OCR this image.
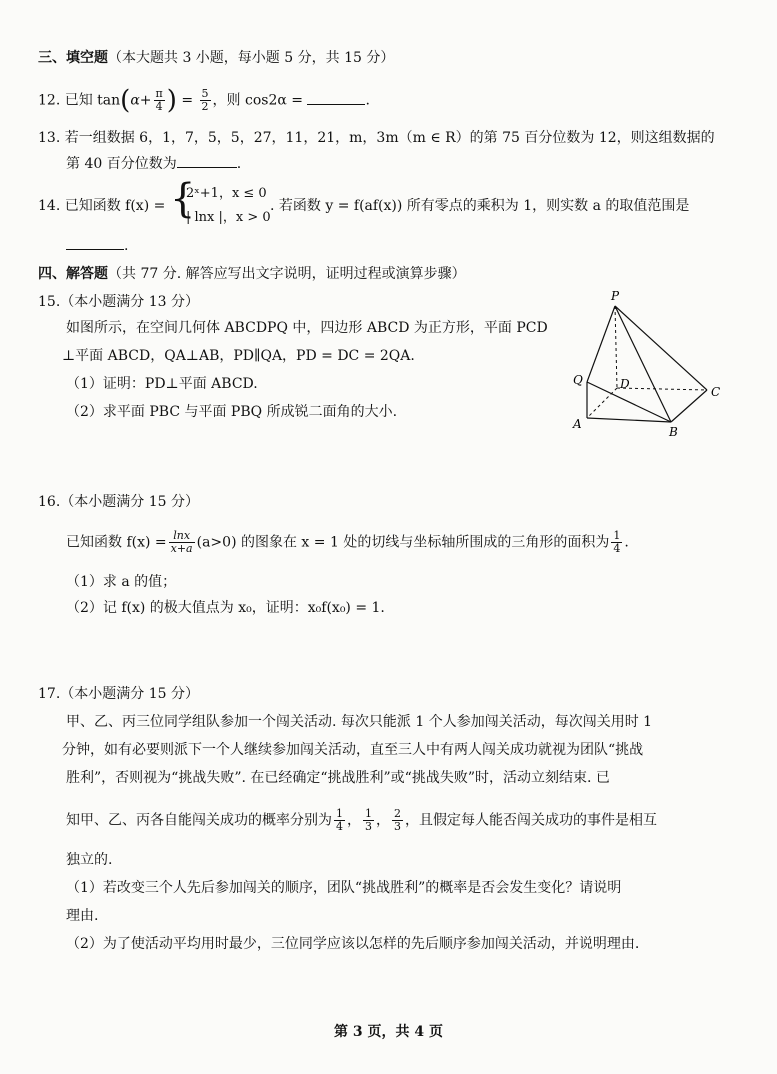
三、填空题（本大题共 3 小题，每小题 5 分，共 15 分）
12. 已知 $\tan(\alpha+ \frac{\pi}{4}$ ) = $\frac{5}{2}$ ，则 cos2α =	.
13. 若一组数据 6，1，7，5，5，27，11，21，m，3m（m ∈ R）的第 75 百分位数为 12，则这组数据的
第 40 百分位数为	.
14. 已知函数 f(x) = {
2ˣ+1，x ≤ 0
| lnx |，x > 0
. 若函数 y = f(af(x)) 所有零点的乘积为 1，则实数 a 的取值范围是
.
四、解答题（共 77 分. 解答应写出文字说明，证明过程或演算步骤）
15.（本小题满分 13 分）
如图所示，在空间几何体 ABCDPQ 中，四边形 ABCD 为正方形，平面 PCD
⊥平面 ABCD，QA⊥AB，PD∥QA，PD = DC = 2QA.
（1）证明：PD⊥平面 ABCD.
（2）求平面 PBC 与平面 PBQ 所成锐二面角的大小.
P
Q	D
C
A
B
16.（本小题满分 15 分）
已知函数 $f(x) = \frac{\ln x}{x+a} (a>0)$ 的图象在 x = 1 处的切线与坐标轴所围成的三角形的面积为 $\frac{1}{4}$ .
（1）求 a 的值；
（2）记 f(x) 的极大值点为 x₀，证明：x₀f(x₀) = 1.
17.（本小题满分 15 分）
甲、乙、丙三位同学组队参加一个闯关活动. 每次只能派 1 个人参加闯关活动，每次闯关用时 1
分钟，如有必要则派下一个人继续参加闯关活动，直至三人中有两人闯关成功就视为团队“挑战
胜利”，否则视为“挑战失败”. 在已经确定“挑战胜利”或“挑战失败”时，活动立刻结束. 已
知甲、乙、丙各自能闯关成功的概率分别为 $\frac{1}{4}$ ， $\frac{1}{3}$ ， $\frac{2}{3}$ ，且假定每人能否闯关成功的事件是相互
独立的.
（1）若改变三个人先后参加闯关的顺序，团队“挑战胜利”的概率是否会发生变化？请说明
理由.
（2）为了使活动平均用时最少，三位同学应该以怎样的先后顺序参加闯关活动，并说明理由.
第 3 页，共 4 页
